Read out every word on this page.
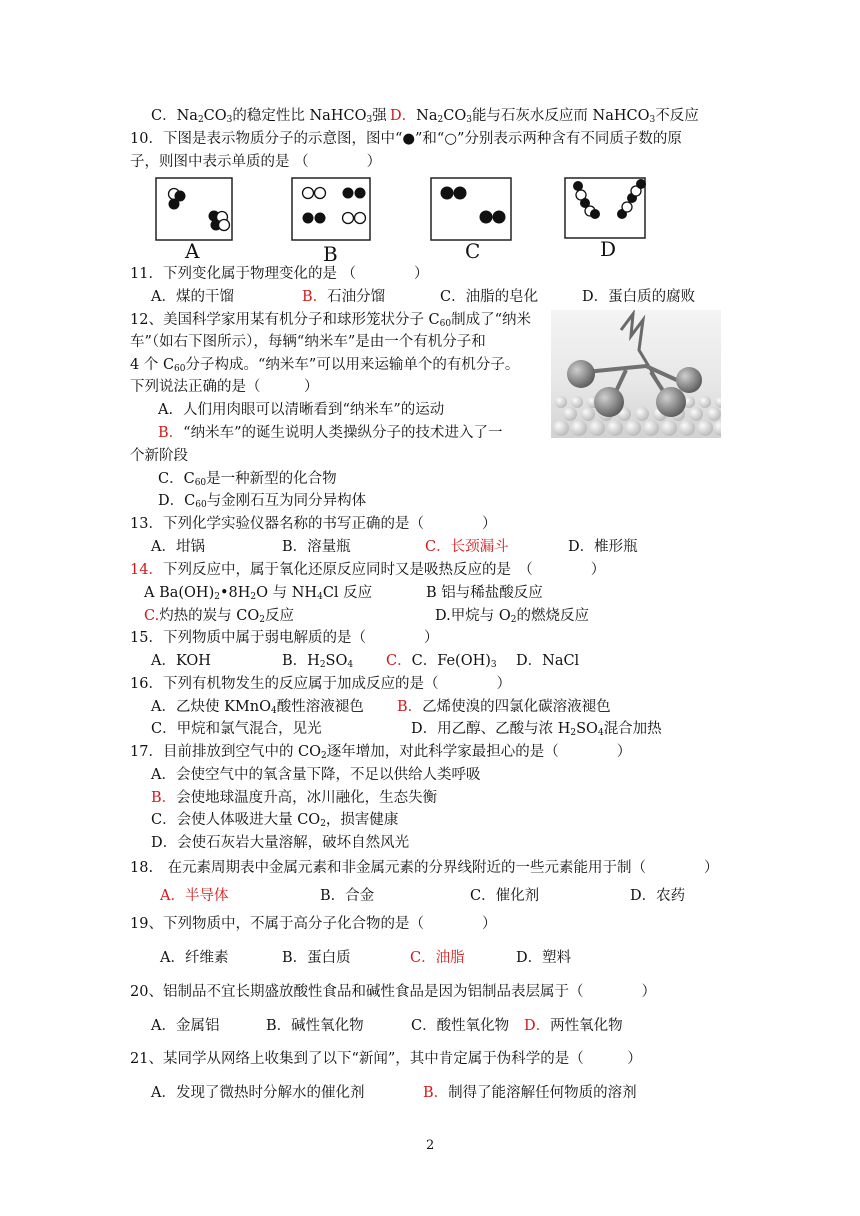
C．$Na_2CO_3$的稳定性比 NaHCO$_3$强 D．$Na_2CO_3$能与石灰水反应而 NaHCO$_3$不反应
10．下图是表示物质分子的示意图，图中“●”和“○”分别表示两种含有不同质子数的原
子，则图中表示单质的是 （　　　　）
A	B	C	D
11．下列变化属于物理变化的是 （　　　　）
A．煤的干馏	B．石油分馏	C．油脂的皂化	D．蛋白质的腐败
12、美国科学家用某有机分子和球形笼状分子 $C_{60}$制成了“纳米
车”（如右下图所示），每辆“纳米车”是由一个有机分子和
4 个 $C_{60}$分子构成。“纳米车”可以用来运输单个的有机分子。
下列说法正确的是（　　　）
A．人们用肉眼可以清晰看到“纳米车”的运动
B．“纳米车”的诞生说明人类操纵分子的技术进入了一
个新阶段
C．$C_{60}$是一种新型的化合物
D．$C_{60}$与金刚石互为同分异构体
13．下列化学实验仪器名称的书写正确的是（　　　　）
A．坩锅	B．溶量瓶	C．长颈漏斗	D．椎形瓶
14．下列反应中，属于氧化还原反应同时又是吸热反应的是　（　　　　）
A $Ba(OH)_2•8H_2O$ 与 $NH_4Cl$ 反应	B 铝与稀盐酸反应
C.灼热的炭与 $CO_2$反应	D.甲烷与 $O_2$的燃烧反应
15．下列物质中属于弱电解质的是（　　　　）
A．KOH	B．$H_2SO_4$ C．C．$Fe(OH)_3$ D．NaCl
16．下列有机物发生的反应属于加成反应的是（　　　　）
A．乙炔使 KMnO$_4$酸性溶液褪色 B．乙烯使溴的四氯化碳溶液褪色
C．甲烷和氯气混合，见光	D．用乙醇、乙酸与浓 $H_2SO_4$混合加热
17．目前排放到空气中的 $CO_2$逐年增加，对此科学家最担心的是（　　　　）
A．会使空气中的氧含量下降，不足以供给人类呼吸
B．会使地球温度升高，冰川融化，生态失衡
C．会使人体吸进大量 $CO_2$，损害健康
D．会使石灰岩大量溶解，破坏自然风光
18.　在元素周期表中金属元素和非金属元素的分界线附近的一些元素能用于制（　　　　）
A．半导体	B．合金	C．催化剂	D．农药
19、下列物质中，不属于高分子化合物的是（　　　　）
A．纤维素	B．蛋白质	C．油脂	D．塑料
20、铝制品不宜长期盛放酸性食品和碱性食品是因为铝制品表层属于（　　　　）
A．金属铝	B．碱性氧化物	C．酸性氧化物 D．两性氧化物
21、某同学从网络上收集到了以下“新闻”，其中肯定属于伪科学的是（　　　）
A．发现了微热时分解水的催化剂	B．制得了能溶解任何物质的溶剂
2
